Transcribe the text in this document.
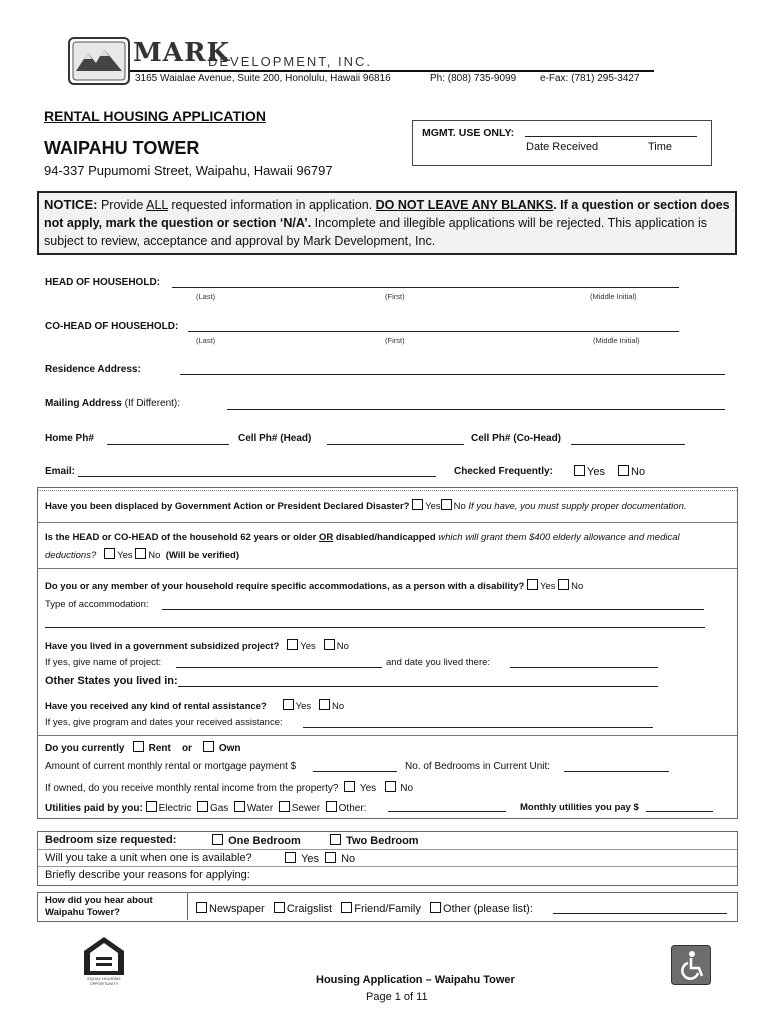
MARK
DEVELOPMENT, INC.
3165 Waialae Avenue, Suite 200, Honolulu, Hawaii 96816	Ph: (808) 735-9099 e-Fax: (781) 295-3427
RENTAL HOUSING APPLICATION
WAIPAHU TOWER
94-337 Pupumomi Street, Waipahu, Hawaii 96797
MGMT. USE ONLY:
Date Received	Time
NOTICE: Provide ALL requested information in application. DO NOT LEAVE ANY BLANKS. If a question or section does not apply, mark the question or section ‘N/A’. Incomplete and illegible applications will be rejected. This application is subject to review, acceptance and approval by Mark Development, Inc.
HEAD OF HOUSEHOLD:
(Last)	(First)	(Middle Initial)
CO-HEAD OF HOUSEHOLD:
(Last)	(First)	(Middle Initial)
Residence Address:
Mailing Address (If Different):
Home Ph#	Cell Ph# (Head)	Cell Ph# (Co-Head)
Email:	Checked Frequently:	Yes	No
Have you been displaced by Government Action or President Declared Disaster? Yes No If you have, you must supply proper documentation.
Is the HEAD or CO-HEAD of the household 62 years or older OR disabled/handicapped which will grant them $400 elderly allowance and medical
deductions? Yes No (Will be verified)
Do you or any member of your household require specific accommodations, as a person with a disability? Yes No
Type of accommodation:
Have you lived in a government subsidized project? Yes No
If yes, give name of project:	and date you lived there:
Other States you lived in:
Have you received any kind of rental assistance?	Yes No
If yes, give program and dates your received assistance:
Do you currently Rent or	Own
Amount of current monthly rental or mortgage payment $	No. of Bedrooms in Current Unit:
If owned, do you receive monthly rental income from the property? Yes No
Utilities paid by you: Electric Gas Water Sewer Other:	Monthly utilities you pay $
Bedroom size requested:	One Bedroom	Two Bedroom
Will you take a unit when one is available?	Yes	No
Briefly describe your reasons for applying:
How did you hear about
Waipahu Tower?	Newspaper Craigslist Friend/Family Other (please list):
EQUAL HOUSING OPPORTUNITY	Housing Application – Waipahu Tower
Page 1 of 11
